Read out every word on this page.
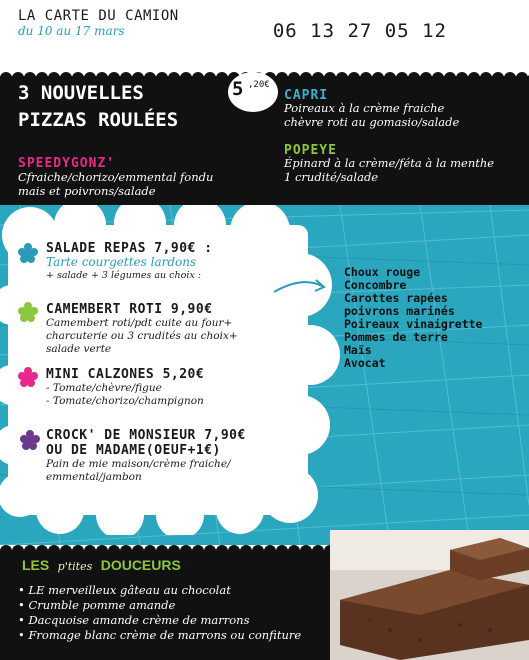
LA CARTE DU CAMION
du 10 au 17 mars	06 13 27 05 12
3 NOUVELLES
PIZZAS ROULÉES
5 ,20€
SPEEDYGONZ'
Cfraiche/chorizo/emmental fondu
mais et poivrons/salade
CAPRI
Poireaux à la crème fraiche
chèvre roti au gomasio/salade
POPEYE
Épinard à la crème/féta à la menthe
1 crudité/salade
SALADE REPAS 7,90€ :
Tarte courgettes lardons
+ salade + 3 légumes au choix :
CAMEMBERT ROTI 9,90€
Camembert roti/pdt cuite au four+
charcuterie ou 3 crudités au choix+
salade verte
MINI CALZONES 5,20€
- Tomate/chèvre/figue
- Tomate/chorizo/champignon
CROCK' DE MONSIEUR 7,90€
OU DE MADAME(OEUF+1€)
Pain de mie maison/crème fraiche/
emmental/jambon
Choux rouge
Concombre
Carottes rapées
poivrons marinés
Poireaux vinaigrette
Pommes de terre
Maïs
Avocat
LES p'tites DOUCEURS
• LE merveilleux gâteau au chocolat
• Crumble pomme amande
• Dacquoise amande crème de marrons
• Fromage blanc crème de marrons ou confiture
